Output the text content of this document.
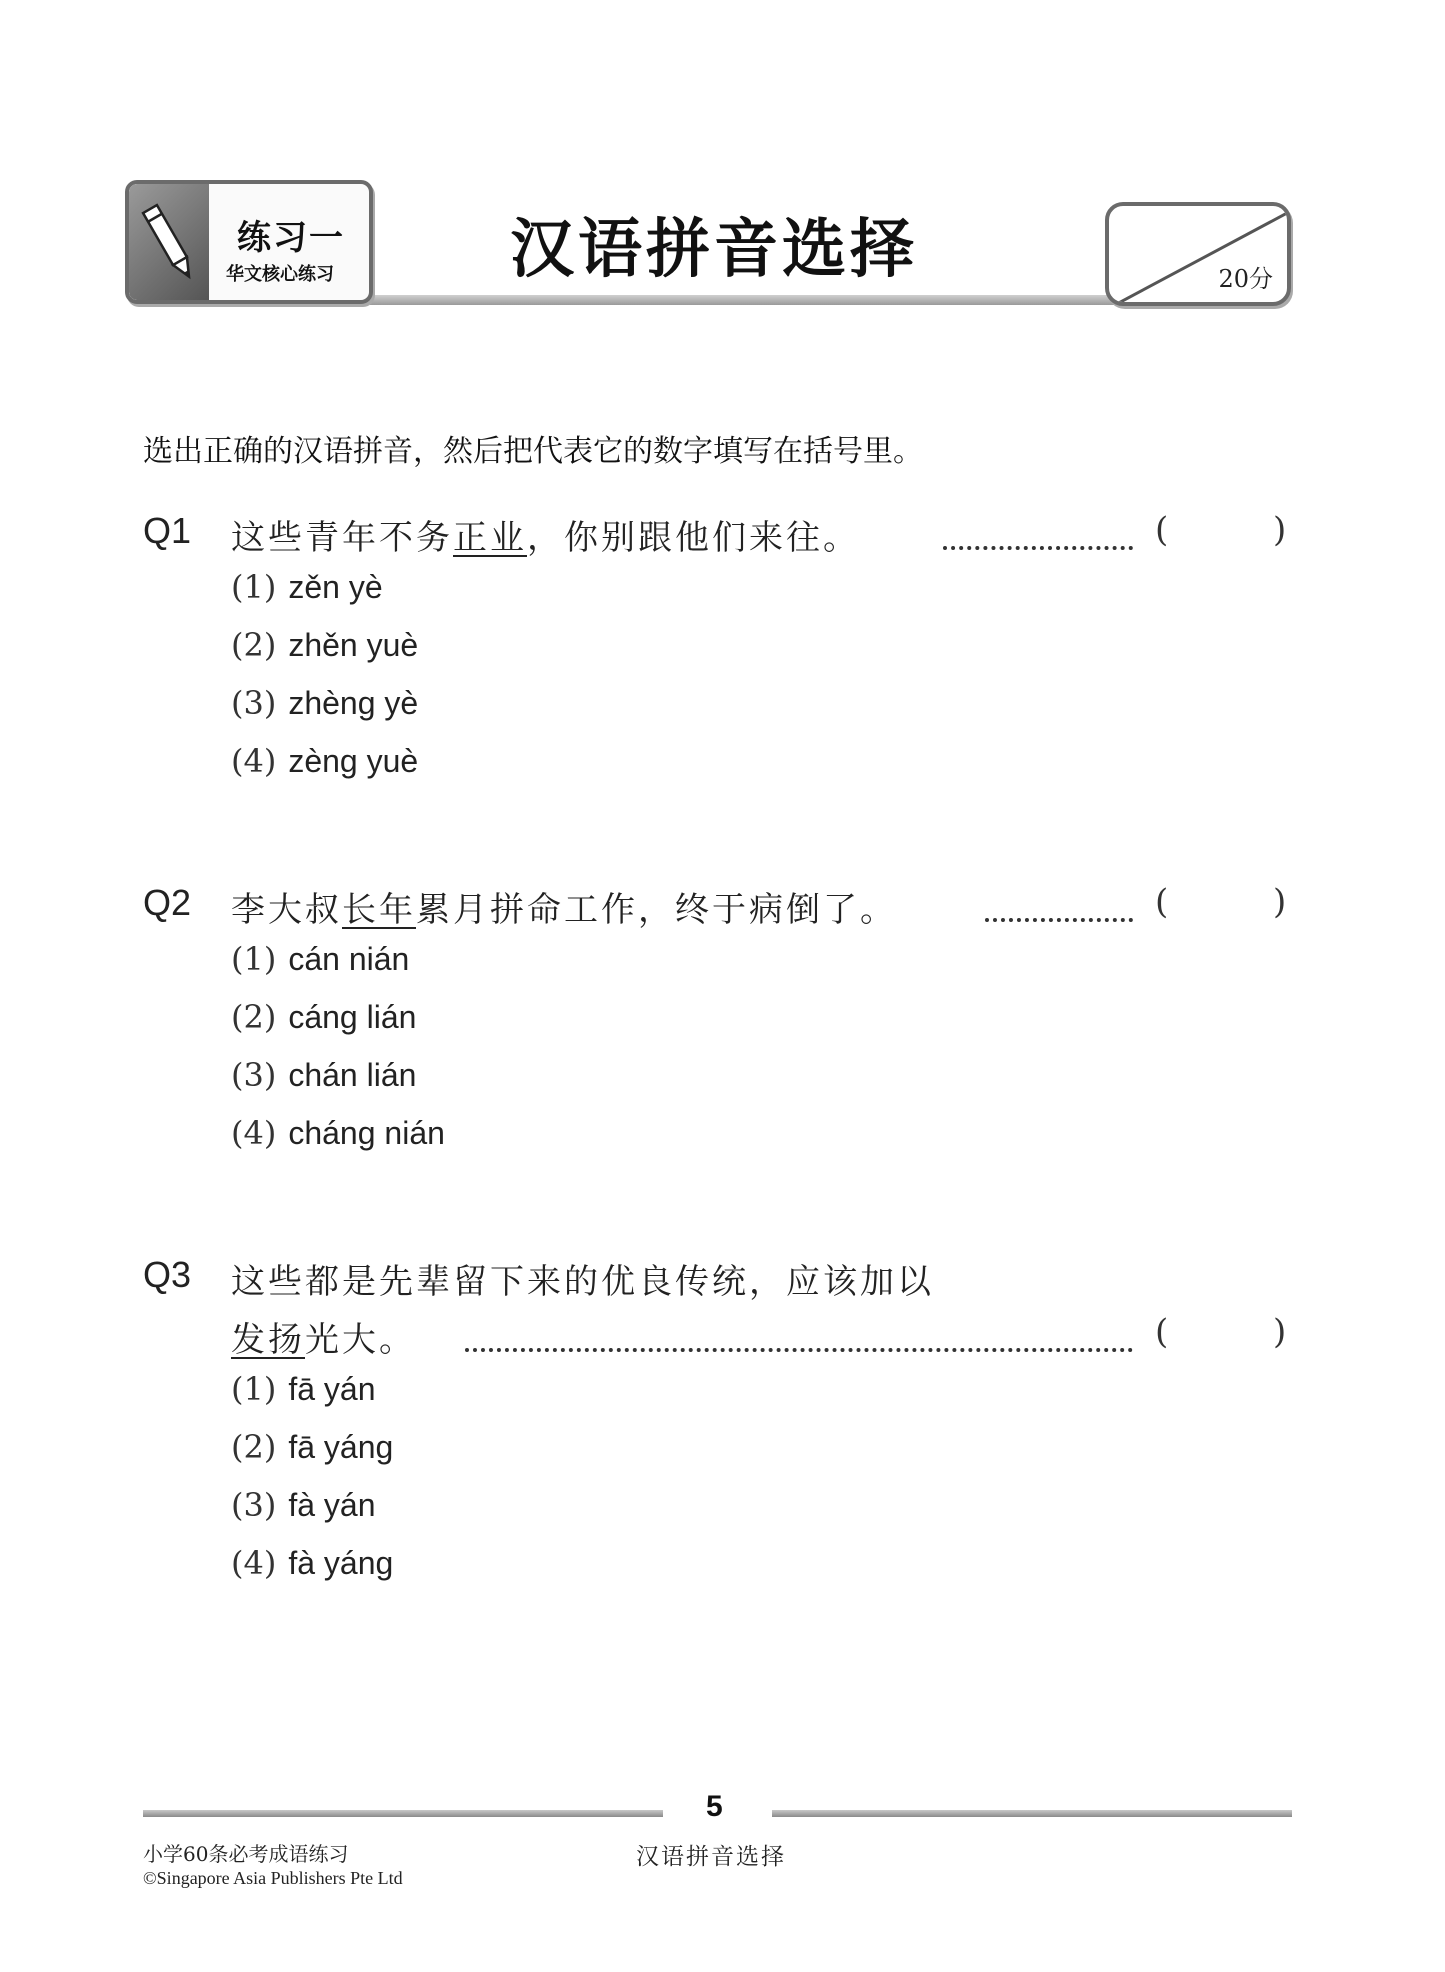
练习一
华文核心练习	汉语拼音选择	20分
选出正确的汉语拼音，然后把代表它的数字填写在括号里。
Q1 这些青年不务正业，你别跟他们来往。	(	)
(1) zěn yè
(2) zhěn yuè
(3) zhèng yè
(4) zèng yuè
Q2 李大叔长年累月拼命工作，终于病倒了。	(	)
(1) cán nián
(2) cáng lián
(3) chán lián
(4) cháng nián
Q3 这些都是先辈留下来的优良传统，应该加以
发扬光大。	(	)
(1) fā yán
(2) fā yáng
(3) fà yán
(4) fà yáng
5
小学60条必考成语练习
©Singapore Asia Publishers Pte Ltd
汉语拼音选择
